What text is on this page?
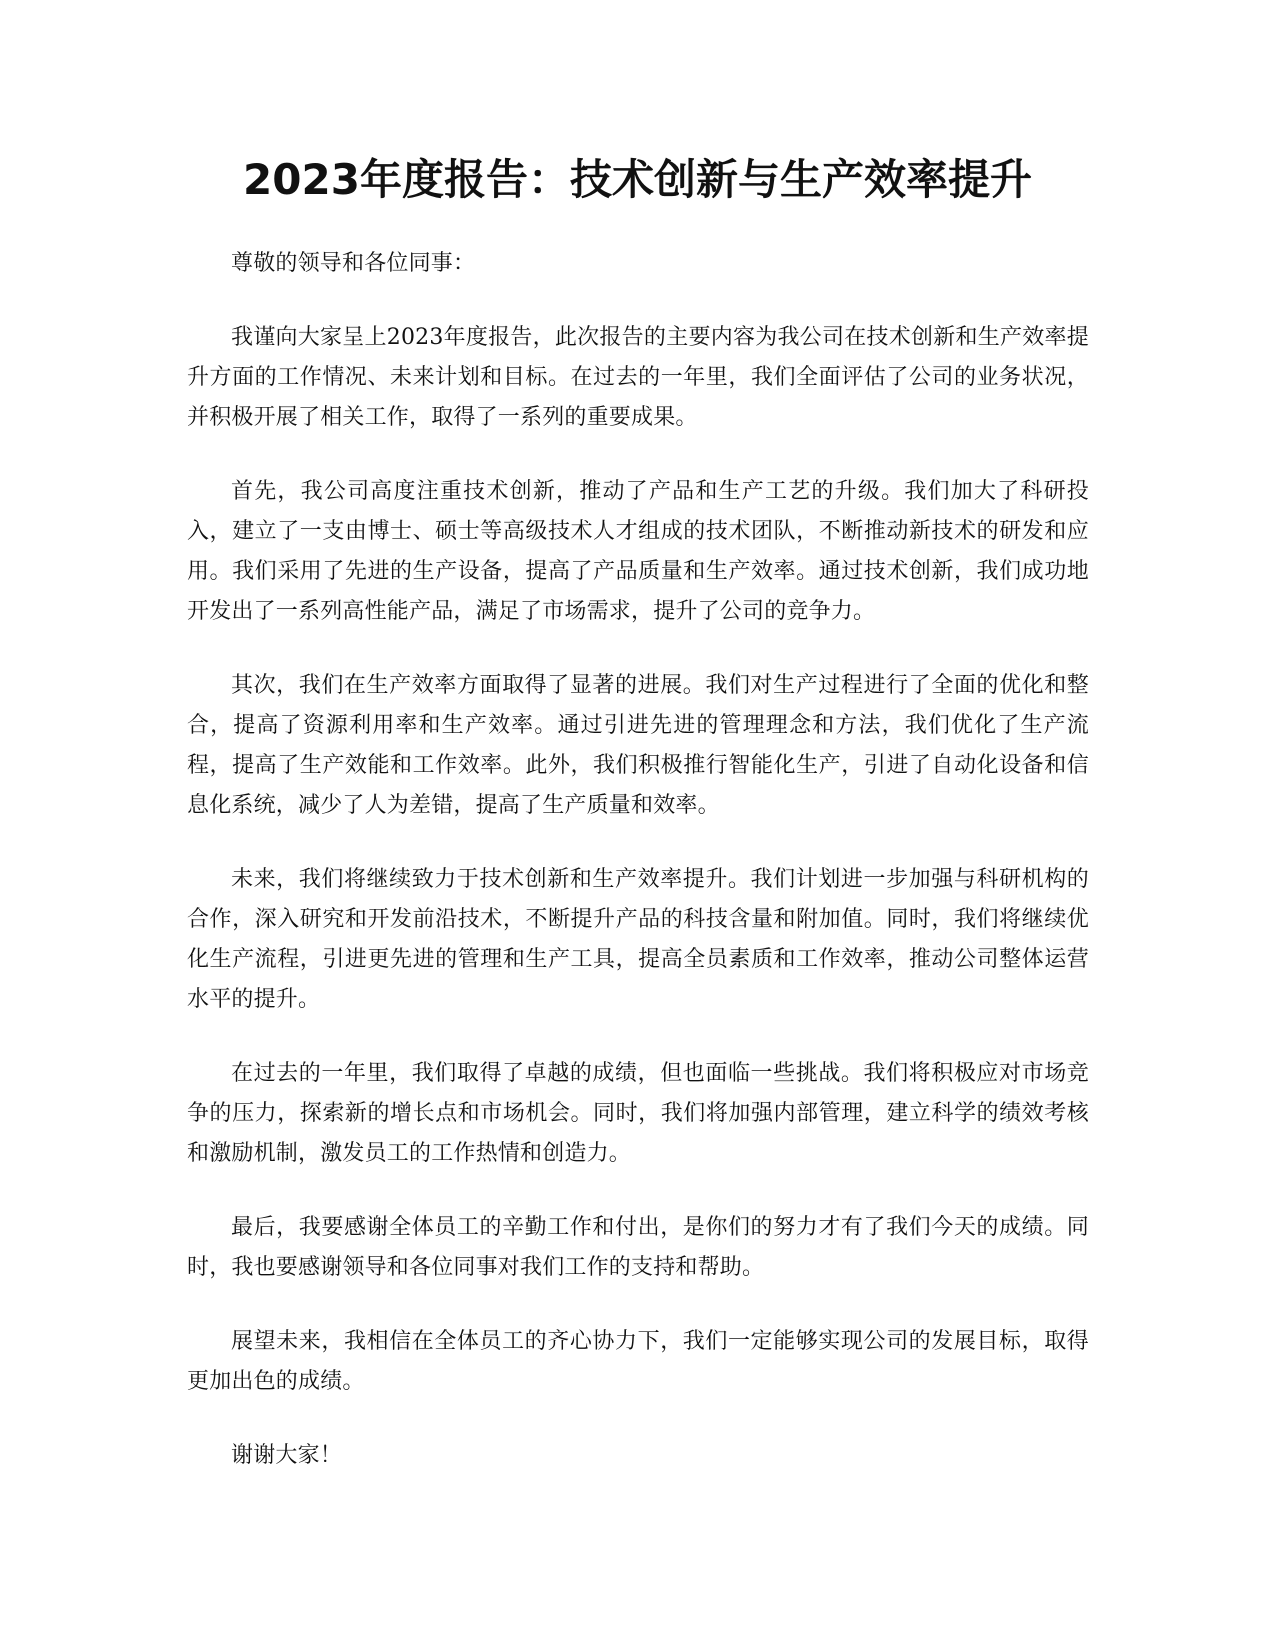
2023年度报告：技术创新与生产效率提升

尊敬的领导和各位同事：

我谨向大家呈上2023年度报告，此次报告的主要内容为我公司在技术创新和生产效率提升方面的工作情况、未来计划和目标。在过去的一年里，我们全面评估了公司的业务状况，并积极开展了相关工作，取得了一系列的重要成果。

首先，我公司高度注重技术创新，推动了产品和生产工艺的升级。我们加大了科研投入，建立了一支由博士、硕士等高级技术人才组成的技术团队，不断推动新技术的研发和应用。我们采用了先进的生产设备，提高了产品质量和生产效率。通过技术创新，我们成功地开发出了一系列高性能产品，满足了市场需求，提升了公司的竞争力。

其次，我们在生产效率方面取得了显著的进展。我们对生产过程进行了全面的优化和整合，提高了资源利用率和生产效率。通过引进先进的管理理念和方法，我们优化了生产流程，提高了生产效能和工作效率。此外，我们积极推行智能化生产，引进了自动化设备和信息化系统，减少了人为差错，提高了生产质量和效率。

未来，我们将继续致力于技术创新和生产效率提升。我们计划进一步加强与科研机构的合作，深入研究和开发前沿技术，不断提升产品的科技含量和附加值。同时，我们将继续优化生产流程，引进更先进的管理和生产工具，提高全员素质和工作效率，推动公司整体运营水平的提升。

在过去的一年里，我们取得了卓越的成绩，但也面临一些挑战。我们将积极应对市场竞争的压力，探索新的增长点和市场机会。同时，我们将加强内部管理，建立科学的绩效考核和激励机制，激发员工的工作热情和创造力。

最后，我要感谢全体员工的辛勤工作和付出，是你们的努力才有了我们今天的成绩。同时，我也要感谢领导和各位同事对我们工作的支持和帮助。

展望未来，我相信在全体员工的齐心协力下，我们一定能够实现公司的发展目标，取得更加出色的成绩。

谢谢大家！
